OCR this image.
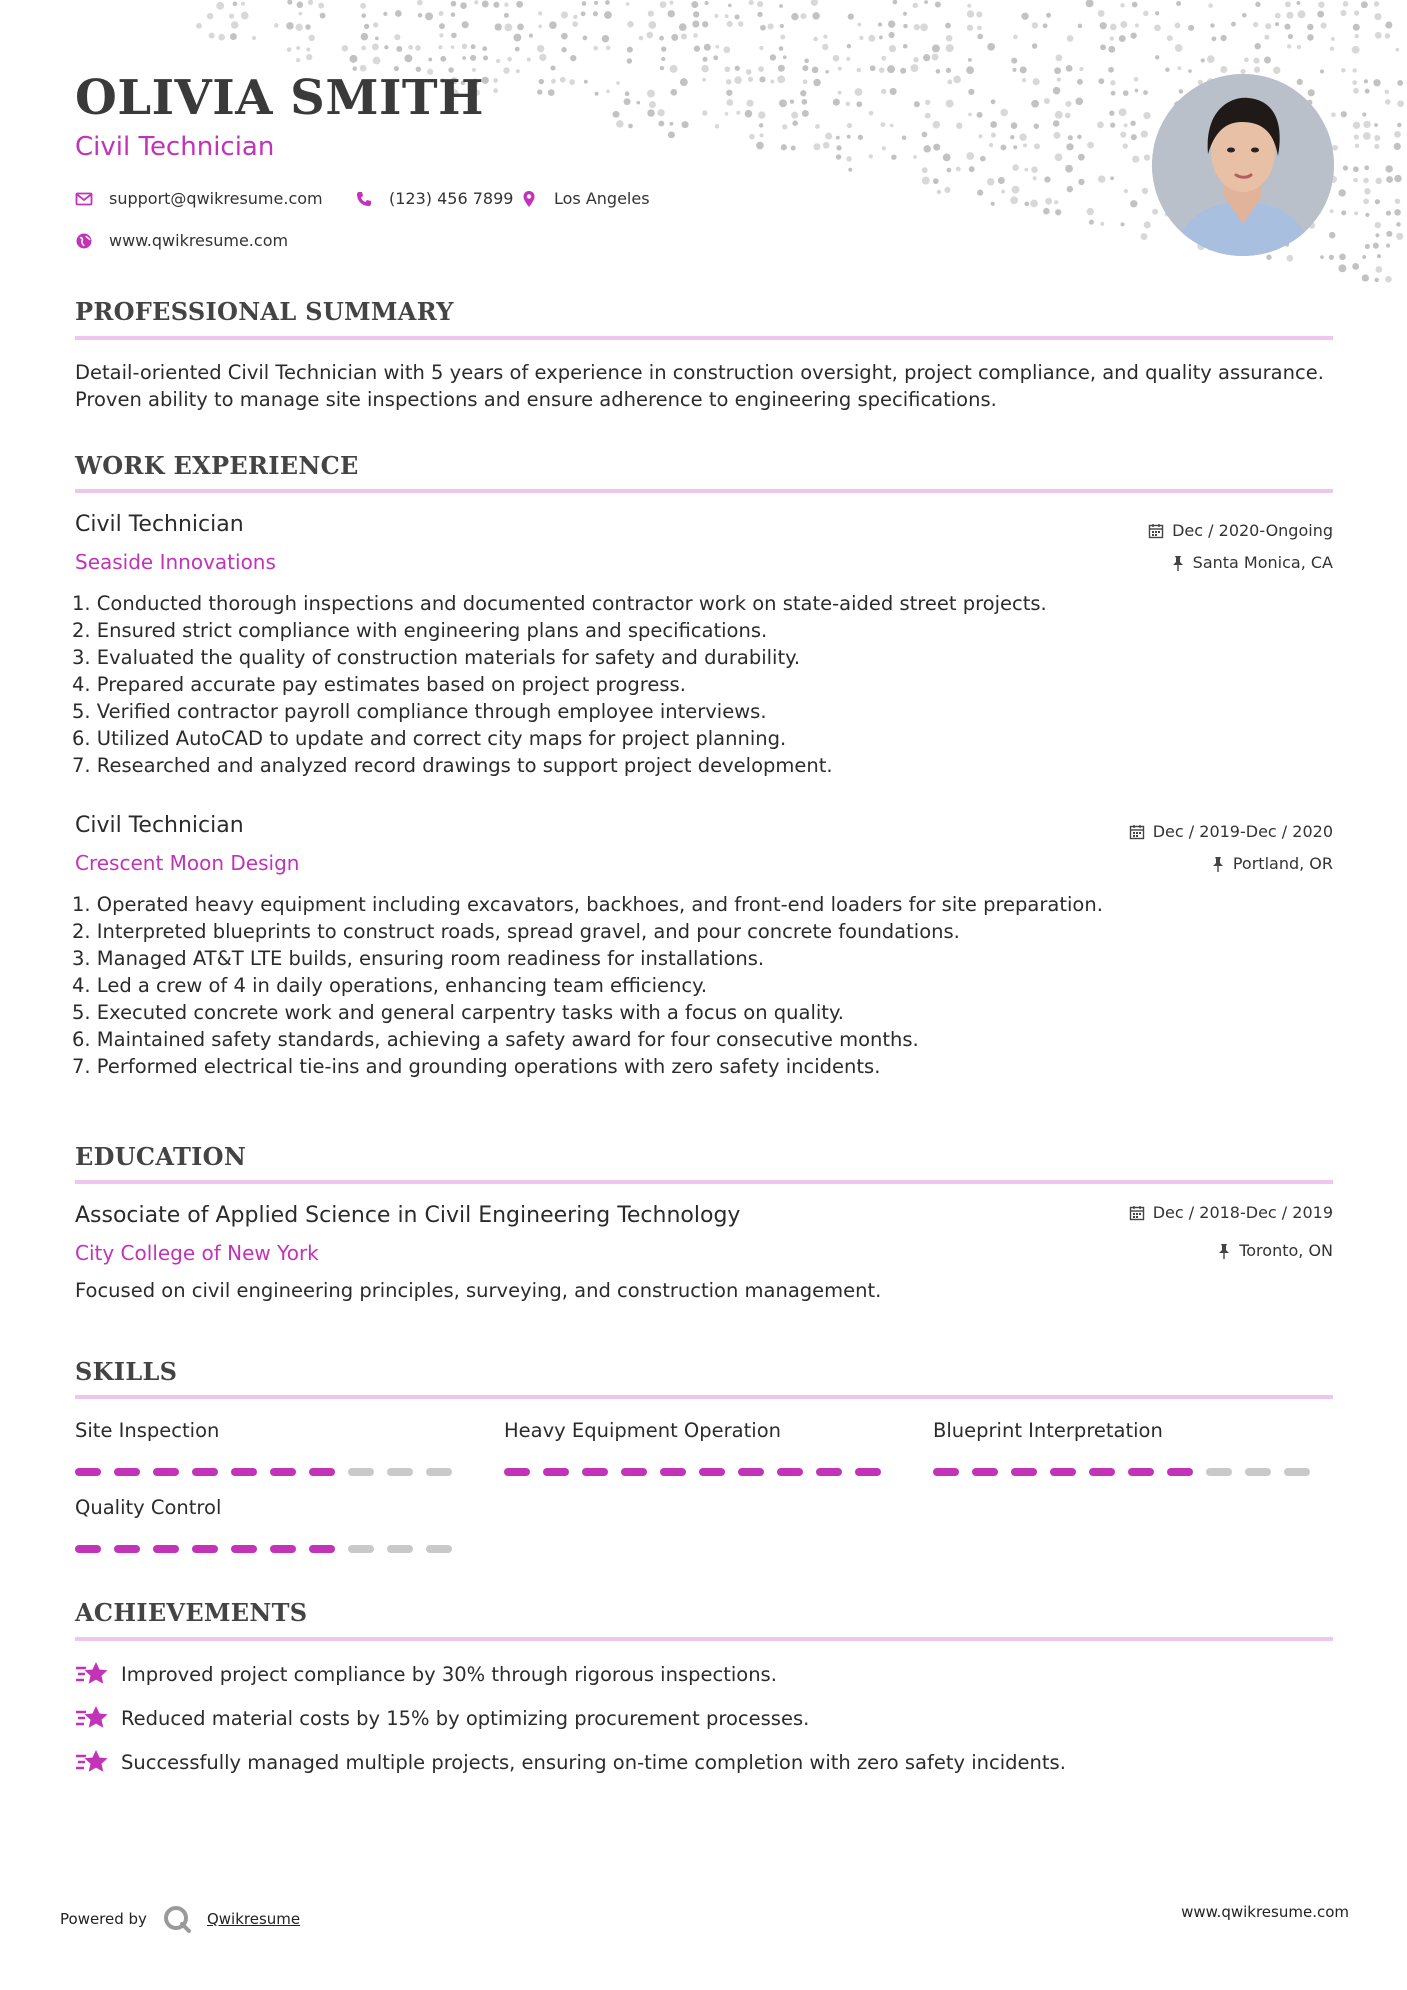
OLIVIA SMITH
Civil Technician
support@qwikresume.com	(123) 456 7899	Los Angeles
www.qwikresume.com
PROFESSIONAL SUMMARY

Detail-oriented Civil Technician with 5 years of experience in construction oversight, project compliance, and quality assurance. Proven ability to manage site inspections and ensure adherence to engineering specifications.

WORK EXPERIENCE
Civil Technician
Seaside Innovations
Dec / 2020-Ongoing
Santa Monica, CA
1. Conducted thorough inspections and documented contractor work on state-aided street projects.
2. Ensured strict compliance with engineering plans and specifications.
3. Evaluated the quality of construction materials for safety and durability.
4. Prepared accurate pay estimates based on project progress.
5. Verified contractor payroll compliance through employee interviews.
6. Utilized AutoCAD to update and correct city maps for project planning.
7. Researched and analyzed record drawings to support project development.
Civil Technician
Crescent Moon Design
Dec / 2019-Dec / 2020
Portland, OR
1. Operated heavy equipment including excavators, backhoes, and front-end loaders for site preparation.
2. Interpreted blueprints to construct roads, spread gravel, and pour concrete foundations.
3. Managed AT&T LTE builds, ensuring room readiness for installations.
4. Led a crew of 4 in daily operations, enhancing team efficiency.
5. Executed concrete work and general carpentry tasks with a focus on quality.
6. Maintained safety standards, achieving a safety award for four consecutive months.
7. Performed electrical tie-ins and grounding operations with zero safety incidents.
EDUCATION
Associate of Applied Science in Civil Engineering Technology
City College of New York
Dec / 2018-Dec / 2019
Toronto, ON
Focused on civil engineering principles, surveying, and construction management.
SKILLS
Site Inspection	Heavy Equipment Operation	Blueprint Interpretation
Quality Control
ACHIEVEMENTS
Improved project compliance by 30% through rigorous inspections.
Reduced material costs by 15% by optimizing procurement processes.
Successfully managed multiple projects, ensuring on-time completion with zero safety incidents.
Powered by	Qwikresume	www.qwikresume.com
